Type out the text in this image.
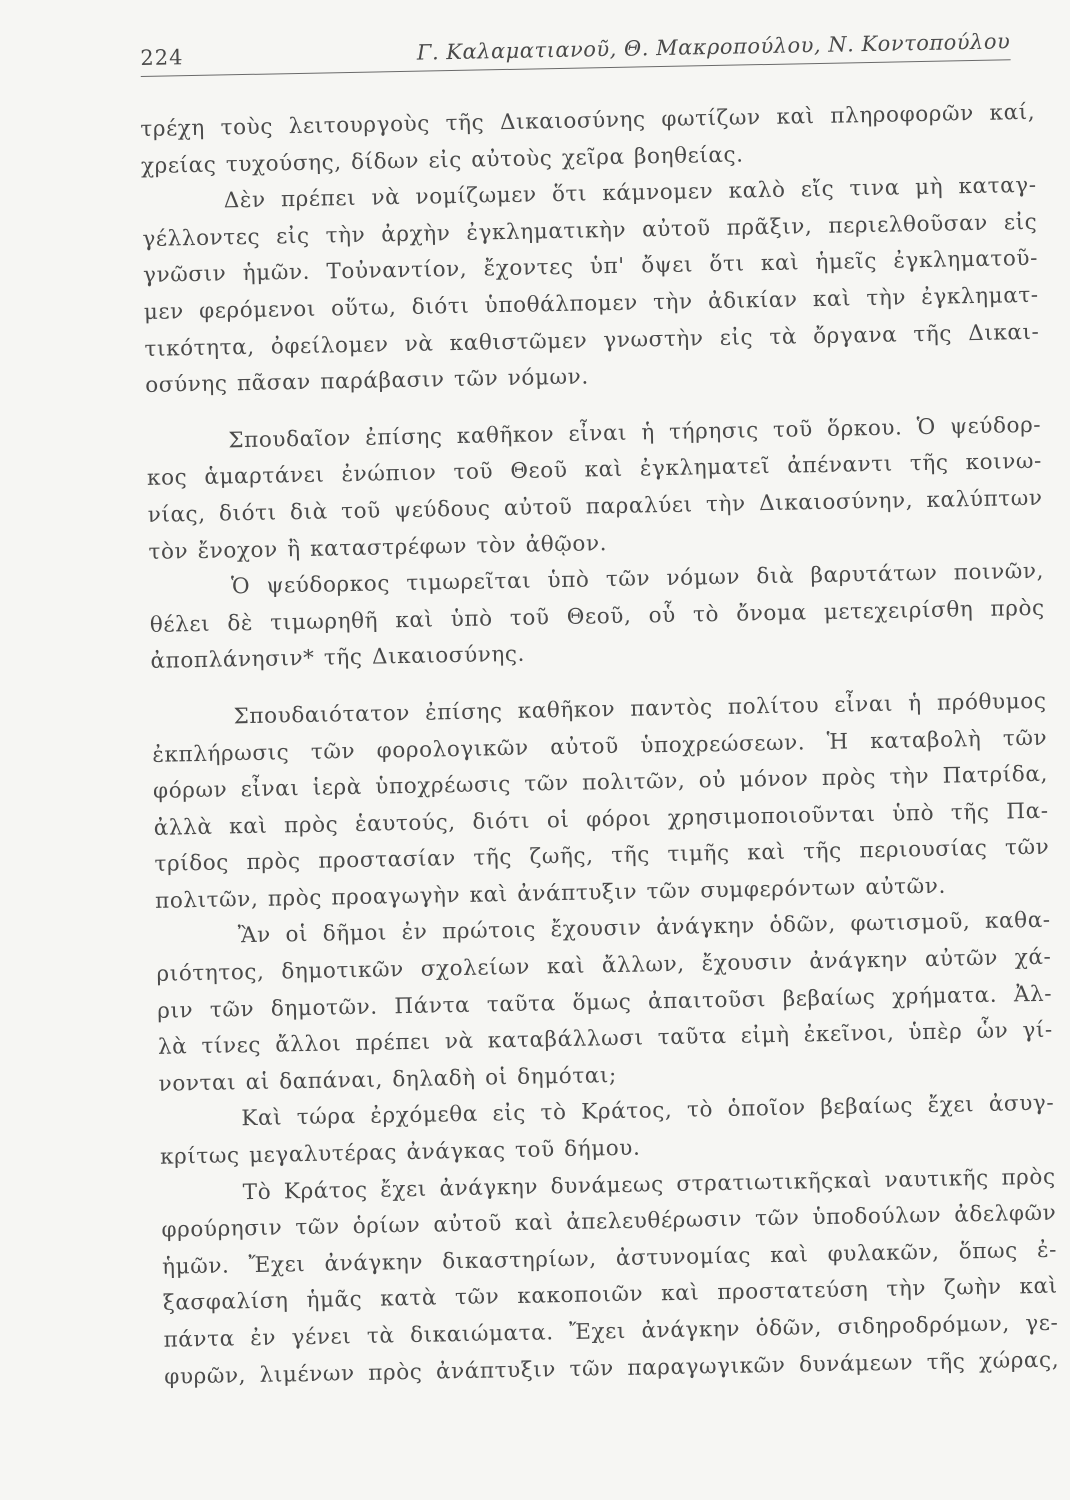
224	Γ. Καλαματιανοῦ, Θ. Μακροπούλου, Ν. Κοντοπούλου
τρέχη τοὺς λειτουργοὺς τῆς Δικαιοσύνης φωτίζων καὶ πληροφορῶν καί,
χρείας τυχούσης, δίδων εἰς αὐτοὺς χεῖρα βοηθείας.
Δὲν πρέπει νὰ νομίζωμεν ὅτι κάμνομεν καλὸ εἴς τινα μὴ καταγ-
γέλλοντες εἰς τὴν ἀρχὴν ἐγκληματικὴν αὐτοῦ πρᾶξιν, περιελθοῦσαν εἰς
γνῶσιν ἡμῶν. Τοὐναντίον, ἔχοντες ὑπ' ὄψει ὅτι καὶ ἡμεῖς ἐγκληματοῦ-
μεν φερόμενοι οὕτω, διότι ὑποθάλπομεν τὴν ἀδικίαν καὶ τὴν ἐγκληματ-
τικότητα, ὀφείλομεν νὰ καθιστῶμεν γνωστὴν εἰς τὰ ὄργανα τῆς Δικαι-
οσύνης πᾶσαν παράβασιν τῶν νόμων.
Σπουδαῖον ἐπίσης καθῆκον εἶναι ἡ τήρησις τοῦ ὅρκου. Ὁ ψεύδορ-
κος ἁμαρτάνει ἐνώπιον τοῦ Θεοῦ καὶ ἐγκληματεῖ ἀπέναντι τῆς κοινω-
νίας, διότι διὰ τοῦ ψεύδους αὐτοῦ παραλύει τὴν Δικαιοσύνην, καλύπτων
τὸν ἔνοχον ἢ καταστρέφων τὸν ἀθῷον.
Ὁ ψεύδορκος τιμωρεῖται ὑπὸ τῶν νόμων διὰ βαρυτάτων ποινῶν,
θέλει δὲ τιμωρηθῆ καὶ ὑπὸ τοῦ Θεοῦ, οὗ τὸ ὄνομα μετεχειρίσθη πρὸς
ἀποπλάνησιν* τῆς Δικαιοσύνης.
Σπουδαιότατον ἐπίσης καθῆκον παντὸς πολίτου εἶναι ἡ πρόθυμος
ἐκπλήρωσις τῶν φορολογικῶν αὐτοῦ ὑποχρεώσεων. Ἡ καταβολὴ τῶν
φόρων εἶναι ἱερὰ ὑποχρέωσις τῶν πολιτῶν, οὐ μόνον πρὸς τὴν Πατρίδα,
ἀλλὰ καὶ πρὸς ἑαυτούς, διότι οἱ φόροι χρησιμοποιοῦνται ὑπὸ τῆς Πα-
τρίδος πρὸς προστασίαν τῆς ζωῆς, τῆς τιμῆς καὶ τῆς περιουσίας τῶν
πολιτῶν, πρὸς προαγωγὴν καὶ ἀνάπτυξιν τῶν συμφερόντων αὐτῶν.
Ἂν οἱ δῆμοι ἐν πρώτοις ἔχουσιν ἀνάγκην ὁδῶν, φωτισμοῦ, καθα-
ριότητος, δημοτικῶν σχολείων καὶ ἄλλων, ἔχουσιν ἀνάγκην αὐτῶν χά-
ριν τῶν δημοτῶν. Πάντα ταῦτα ὅμως ἀπαιτοῦσι βεβαίως χρήματα. Ἀλ-
λὰ τίνες ἄλλοι πρέπει νὰ καταβάλλωσι ταῦτα εἰμὴ ἐκεῖνοι, ὑπὲρ ὧν γί-
νονται αἱ δαπάναι, δηλαδὴ οἱ δημόται;
Καὶ τώρα ἐρχόμεθα εἰς τὸ Κράτος, τὸ ὁποῖον βεβαίως ἔχει ἀσυγ-
κρίτως μεγαλυτέρας ἀνάγκας τοῦ δήμου.
Τὸ Κράτος ἔχει ἀνάγκην δυνάμεως στρατιωτικῆςκαὶ ναυτικῆς πρὸς
φρούρησιν τῶν ὁρίων αὐτοῦ καὶ ἀπελευθέρωσιν τῶν ὑποδούλων ἀδελφῶν
ἡμῶν. Ἔχει ἀνάγκην δικαστηρίων, ἀστυνομίας καὶ φυλακῶν, ὅπως ἐ-
ξασφαλίση ἡμᾶς κατὰ τῶν κακοποιῶν καὶ προστατεύση τὴν ζωὴν καὶ
πάντα ἐν γένει τὰ δικαιώματα. Ἔχει ἀνάγκην ὁδῶν, σιδηροδρόμων, γε-
φυρῶν, λιμένων πρὸς ἀνάπτυξιν τῶν παραγωγικῶν δυνάμεων τῆς χώρας,
